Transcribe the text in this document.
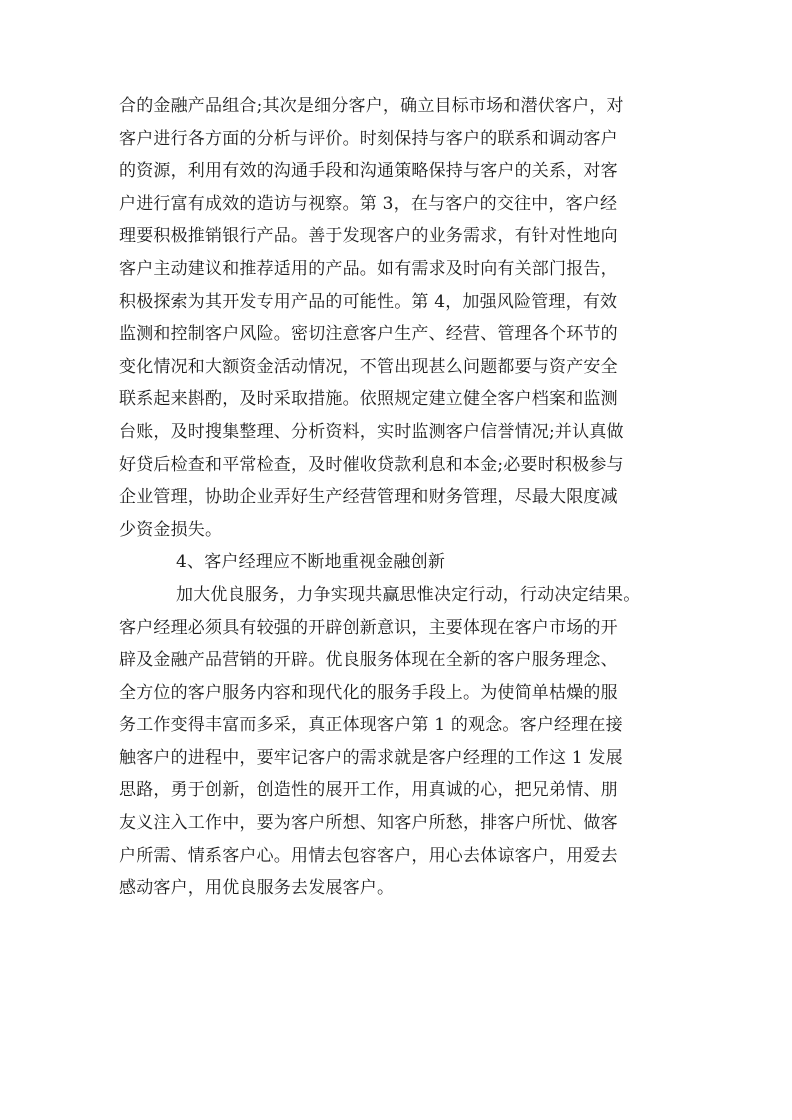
合的金融产品组合;其次是细分客户，确立目标市场和潜伏客户，对
客户进行各方面的分析与评价。时刻保持与客户的联系和调动客户
的资源，利用有效的沟通手段和沟通策略保持与客户的关系，对客
户进行富有成效的造访与视察。第 3，在与客户的交往中，客户经
理要积极推销银行产品。善于发现客户的业务需求，有针对性地向
客户主动建议和推荐适用的产品。如有需求及时向有关部门报告，
积极探索为其开发专用产品的可能性。第 4，加强风险管理，有效
监测和控制客户风险。密切注意客户生产、经营、管理各个环节的
变化情况和大额资金活动情况，不管出现甚么问题都要与资产安全
联系起来斟酌，及时采取措施。依照规定建立健全客户档案和监测
台账，及时搜集整理、分析资料，实时监测客户信誉情况;并认真做
好贷后检查和平常检查，及时催收贷款利息和本金;必要时积极参与
企业管理，协助企业弄好生产经营管理和财务管理，尽最大限度减
少资金损失。
4、客户经理应不断地重视金融创新
加大优良服务，力争实现共赢思惟决定行动，行动决定结果。
客户经理必须具有较强的开辟创新意识，主要体现在客户市场的开
辟及金融产品营销的开辟。优良服务体现在全新的客户服务理念、
全方位的客户服务内容和现代化的服务手段上。为使简单枯燥的服
务工作变得丰富而多采，真正体现客户第 1 的观念。客户经理在接
触客户的进程中，要牢记客户的需求就是客户经理的工作这 1 发展
思路，勇于创新，创造性的展开工作，用真诚的心，把兄弟情、朋
友义注入工作中，要为客户所想、知客户所愁，排客户所忧、做客
户所需、情系客户心。用情去包容客户，用心去体谅客户，用爱去
感动客户，用优良服务去发展客户。
